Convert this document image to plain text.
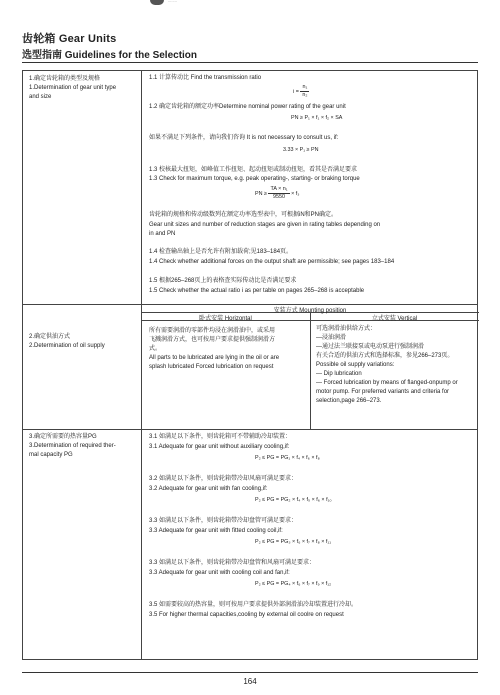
........
齿轮箱 Gear Units
选型指南 Guidelines for the Selection
1.确定齿轮箱的类型及规格
1.Determination of gear unit type
and size
1.1 计算传动比 Find the transmission ratio
$i = \frac{\text{n₁}}{\text{n₂}}$
1.2 确定齿轮箱的额定功率Determine nominal power rating of the gear unit
PN ≥ P₁ × f₁ × f₂ × SA
如果不满足下列条件，请向我们咨询 It is not necessary to consult us, if:
3.33 × P₁ ≥ PN
1.3 校核最大扭矩，如峰值工作扭矩、起动扭矩或制动扭矩，看其是否满足要求
1.3 Check for maximum torque, e.g. peak operating-, starting- or braking torque
PN ≥ $\frac{\text{TA × n₁}}{9550} \times f_3$
齿轮箱的规格和传动级数列在额定功率选型表中，可根据iN和PN确定。
Gear unit sizes and number of reduction stages are given in rating tables depending on
in and PN
1.4 检查输出轴上是否允许有附加载荷;见183–184页。
1.4 Check whether additional forces on the output shaft are permissible; see pages 183–184
1.5 根据265–268页上的表格查实际传动比是否满足要求
1.5 Check whether the actual ratio i as per table on pages 265–268 is acceptable
安装方式 Mounting position
卧式安装 Horizontal	立式安装 Vertical
2.确定供油方式
2.Determination of oil supply
所有需要润滑的零部件均浸在润滑油中，或采用
飞溅润滑方式，也可按用户要求提供强制润滑方
式。
All parts to be lubricated are lying in the oil or are
splash lubricated Forced lubrication on request
可选润滑油供给方式：
—浸油润滑
—通过法兰联接泵或电动泵进行强制润滑
有关合适的供油方式和选择标准，参见266–273页。
Possible oil supply variations:
— Dip lubrication
— Forced lubrication by means of flanged-onpump or
motor pump. For preferred variants and criteria for
selection,page 266–273.
3.确定所需要的热容量PG
3.Determination of required ther-
mal capacity PG
3.1 如满足以下条件，则齿轮箱可不带辅助冷却装置：
3.1 Adequate for gear unit without auxiliary cooling,if:
P₂ ≤ PG = PG₁ × f₄ × f₆ × f₈
3.2 如满足以下条件，则齿轮箱带冷却风扇可满足要求：
3.2 Adequate for gear unit with fan cooling,if:
P₂ ≤ PG = PG₂ × f₄ × f₅ × f₆ × f₁₀
3.3 如满足以下条件，则齿轮箱带冷却盘管可满足要求：
3.3 Adequate for gear unit with fitted cooling coil,if:
P₂ ≤ PG = PG₃ × f₆ × f₇ × f₈ × f₁₁
3.3 如满足以下条件，则齿轮箱带冷却盘管和风扇可满足要求：
3.3 Adequate for gear unit with cooling coil and fan,if:
P₂ ≤ PG = PG₄ × f₆ × f₇ × f₉ × f₁₂
3.5 如需要较高的热容量，则可按用户要求提供外部润滑油冷却装置进行冷却。
3.5 For higher thermal capacities,cooling by external oil coolre on request
164
